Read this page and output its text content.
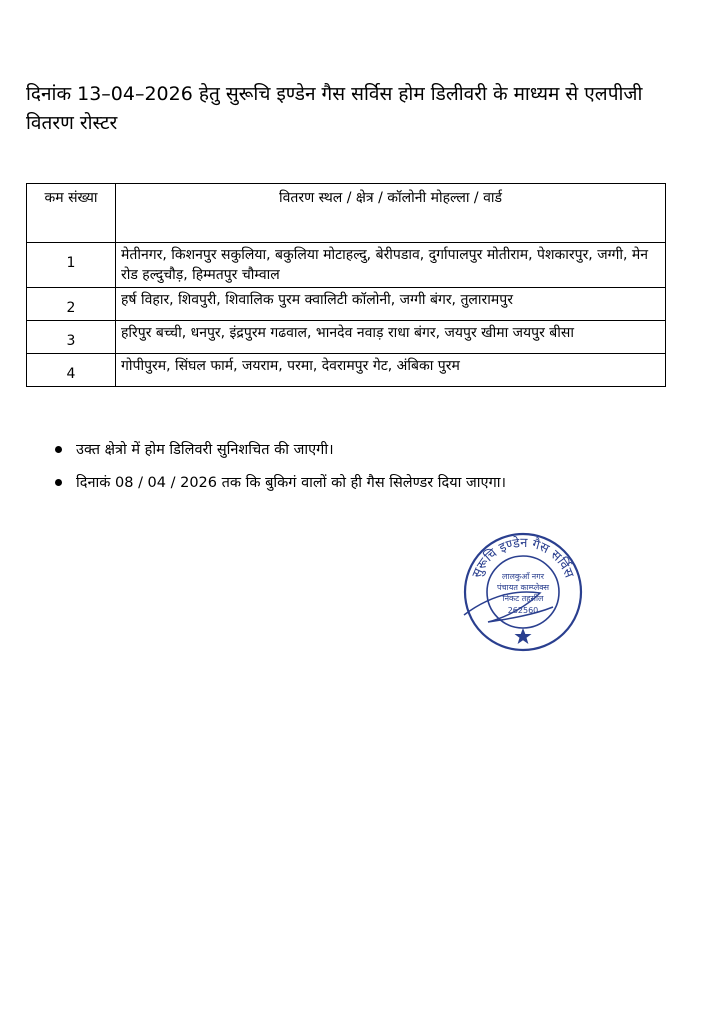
दिनांक 13–04–2026 हेतु सुरूचि इण्डेन गैस सर्विस होम डिलीवरी के माध्यम से एलपीजी वितरण रोस्टर
कम संख्या	वितरण स्थल / क्षेत्र / कॉलोनी मोहल्ला / वार्ड
1	मेतीनगर, किशनपुर सकुलिया, बकुलिया मोटाहल्दु, बेरीपडाव, दुर्गापालपुर मोतीराम, पेशकारपुर, जग्गी, मेन रोड हल्दुचौड़, हिम्मतपुर चौम्वाल
2	हर्ष विहार, शिवपुरी, शिवालिक पुरम क्वालिटी कॉलोनी, जग्गी बंगर, तुलारामपुर
3	हरिपुर बच्ची, धनपुर, इंद्रपुरम गढवाल, भानदेव नवाड़ राधा बंगर, जयपुर खीमा जयपुर बीसा
4	गोपीपुरम, सिंघल फार्म, जयराम, परमा, देवरामपुर गेट, अंबिका पुरम
उक्त क्षेत्रो में होम डिलिवरी सुनिशचित की जाएगी।
दिनाकं 08 / 04 / 2026 तक कि बुकिगं वालों को ही गैस सिलेण्डर दिया जाएगा।
सुरूचि इण्डेन गैस सर्विस
लालकुआँ नगर
पंचायत काम्प्लेक्स
निकट तहसील
262560
